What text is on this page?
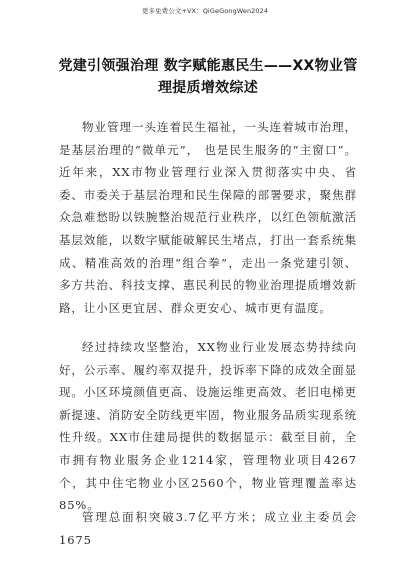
更多免费公文+VX：QiGeGongWen2024
党建引领强治理 数字赋能惠民生——XX物业管理提质增效综述

物业管理一头连着民生福祉，一头连着城市治理，是基层治理的“微单元”， 也是民生服务的“主窗口”。近年来，XX市物业管理行业深入贯彻落实中央、省委、市委关于基层治理和民生保障的部署要求，聚焦群众急难愁盼以铁腕整治规范行业秩序，以红色领航激活基层效能，以数字赋能破解民生堵点，打出一套系统集成、精准高效的治理“组合拳”，走出一条党建引领、多方共治、科技支撑、惠民利民的物业治理提质增效新路，让小区更宜居、群众更安心、城市更有温度。

经过持续攻坚整治，XX物业行业发展态势持续向好，公示率、履约率双提升，投诉率下降的成效全面显现。小区环境颜值更高、设施运维更高效、老旧电梯更新提速、消防安全防线更牢固，物业服务品质实现系统性升级。XX市住建局提供的数据显示：截至目前，全市拥有物业服务企业1214家，管理物业项目4267个，其中住宅物业小区2560个，物业管理覆盖率达85%。

管理总面积突破3.7亿平方米；成立业主委员会1675
